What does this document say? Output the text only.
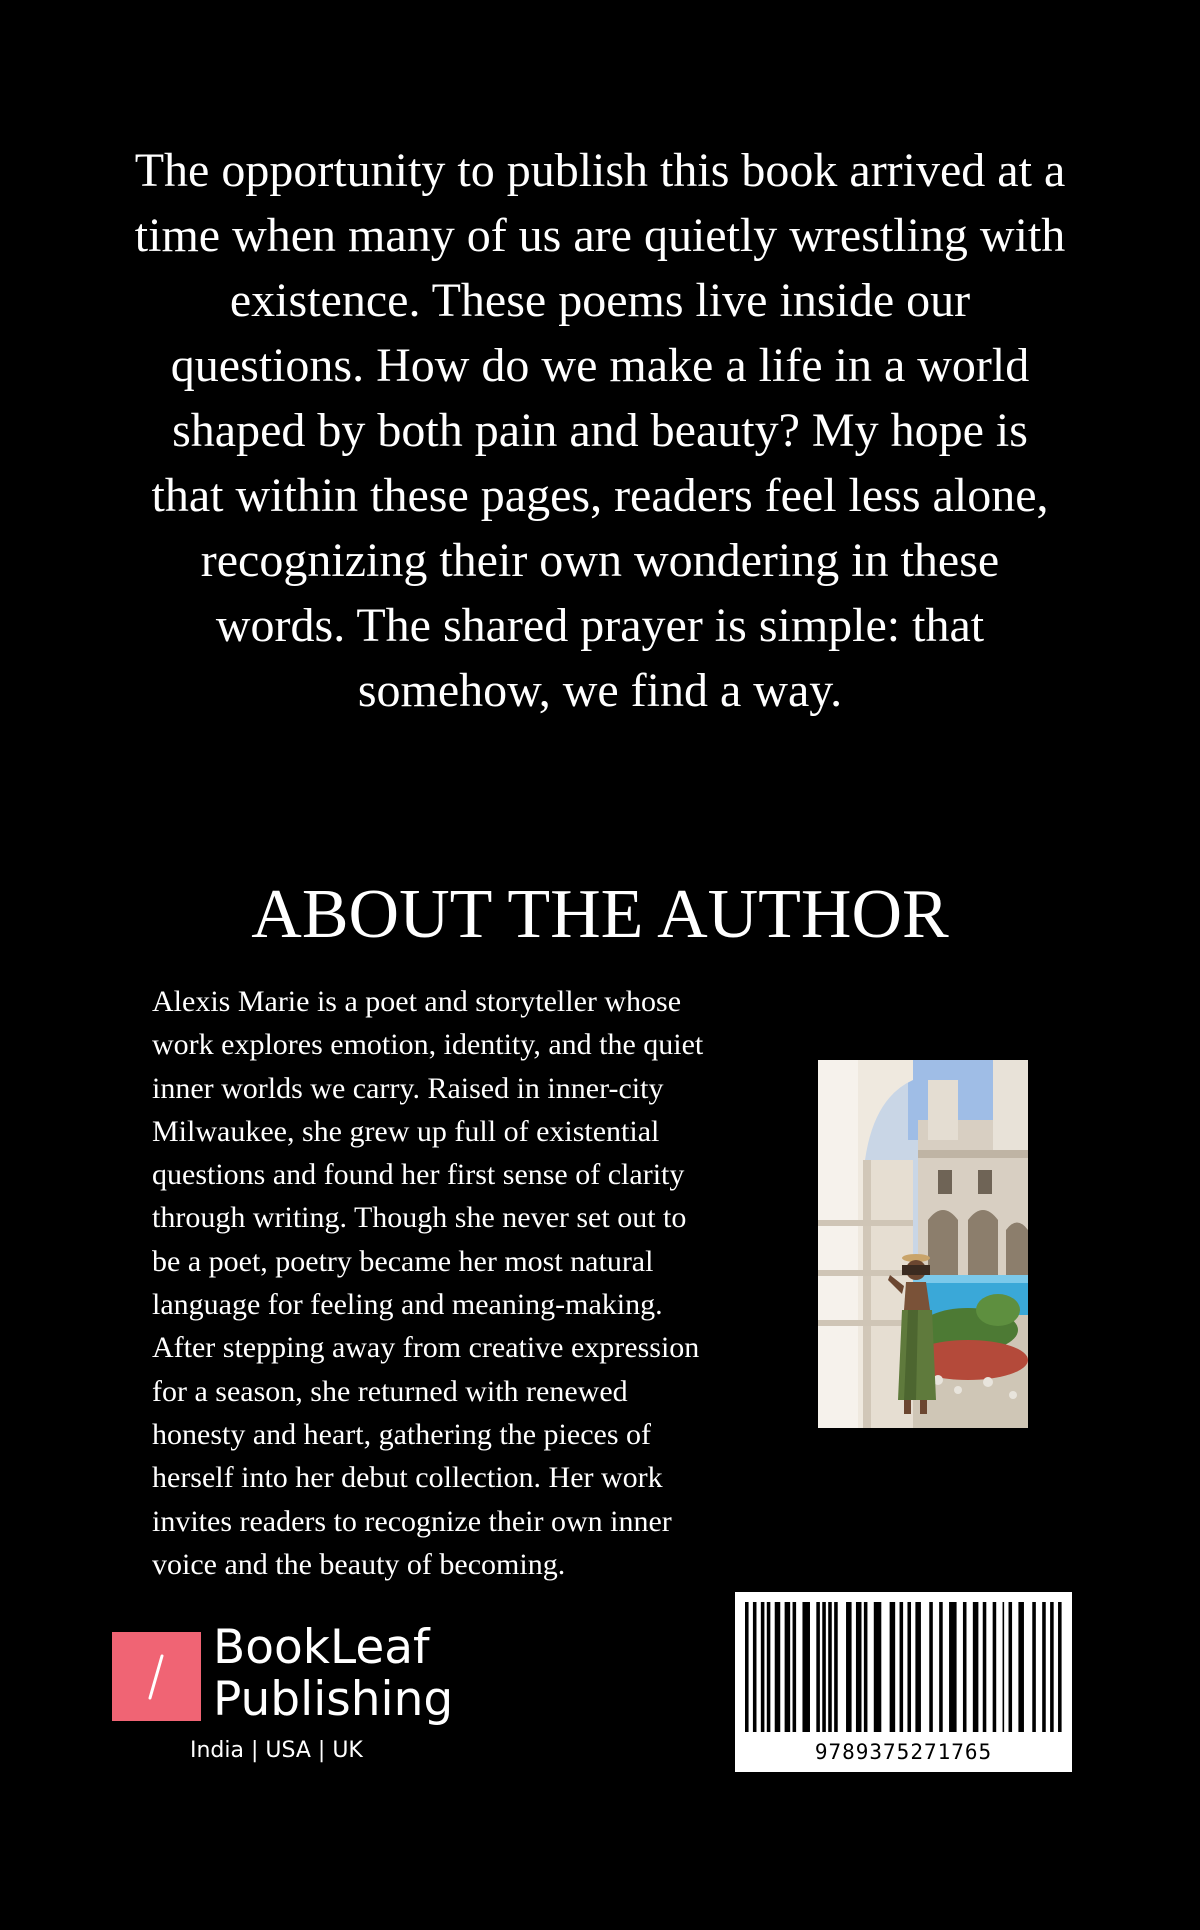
The opportunity to publish this book arrived at a
time when many of us are quietly wrestling with
existence. These poems live inside our
questions. How do we make a life in a world
shaped by both pain and beauty? My hope is
that within these pages, readers feel less alone,
recognizing their own wondering in these
words. The shared prayer is simple: that
somehow, we find a way.

ABOUT THE AUTHOR

Alexis Marie is a poet and storyteller whose
work explores emotion, identity, and the quiet
inner worlds we carry. Raised in inner-city
Milwaukee, she grew up full of existential
questions and found her first sense of clarity
through writing. Though she never set out to
be a poet, poetry became her most natural
language for feeling and meaning-making.
After stepping away from creative expression
for a season, she returned with renewed
honesty and heart, gathering the pieces of
herself into her debut collection. Her work
invites readers to recognize their own inner
voice and the beauty of becoming.

BookLeaf
Publishing
India | USA | UK	9789375271765
